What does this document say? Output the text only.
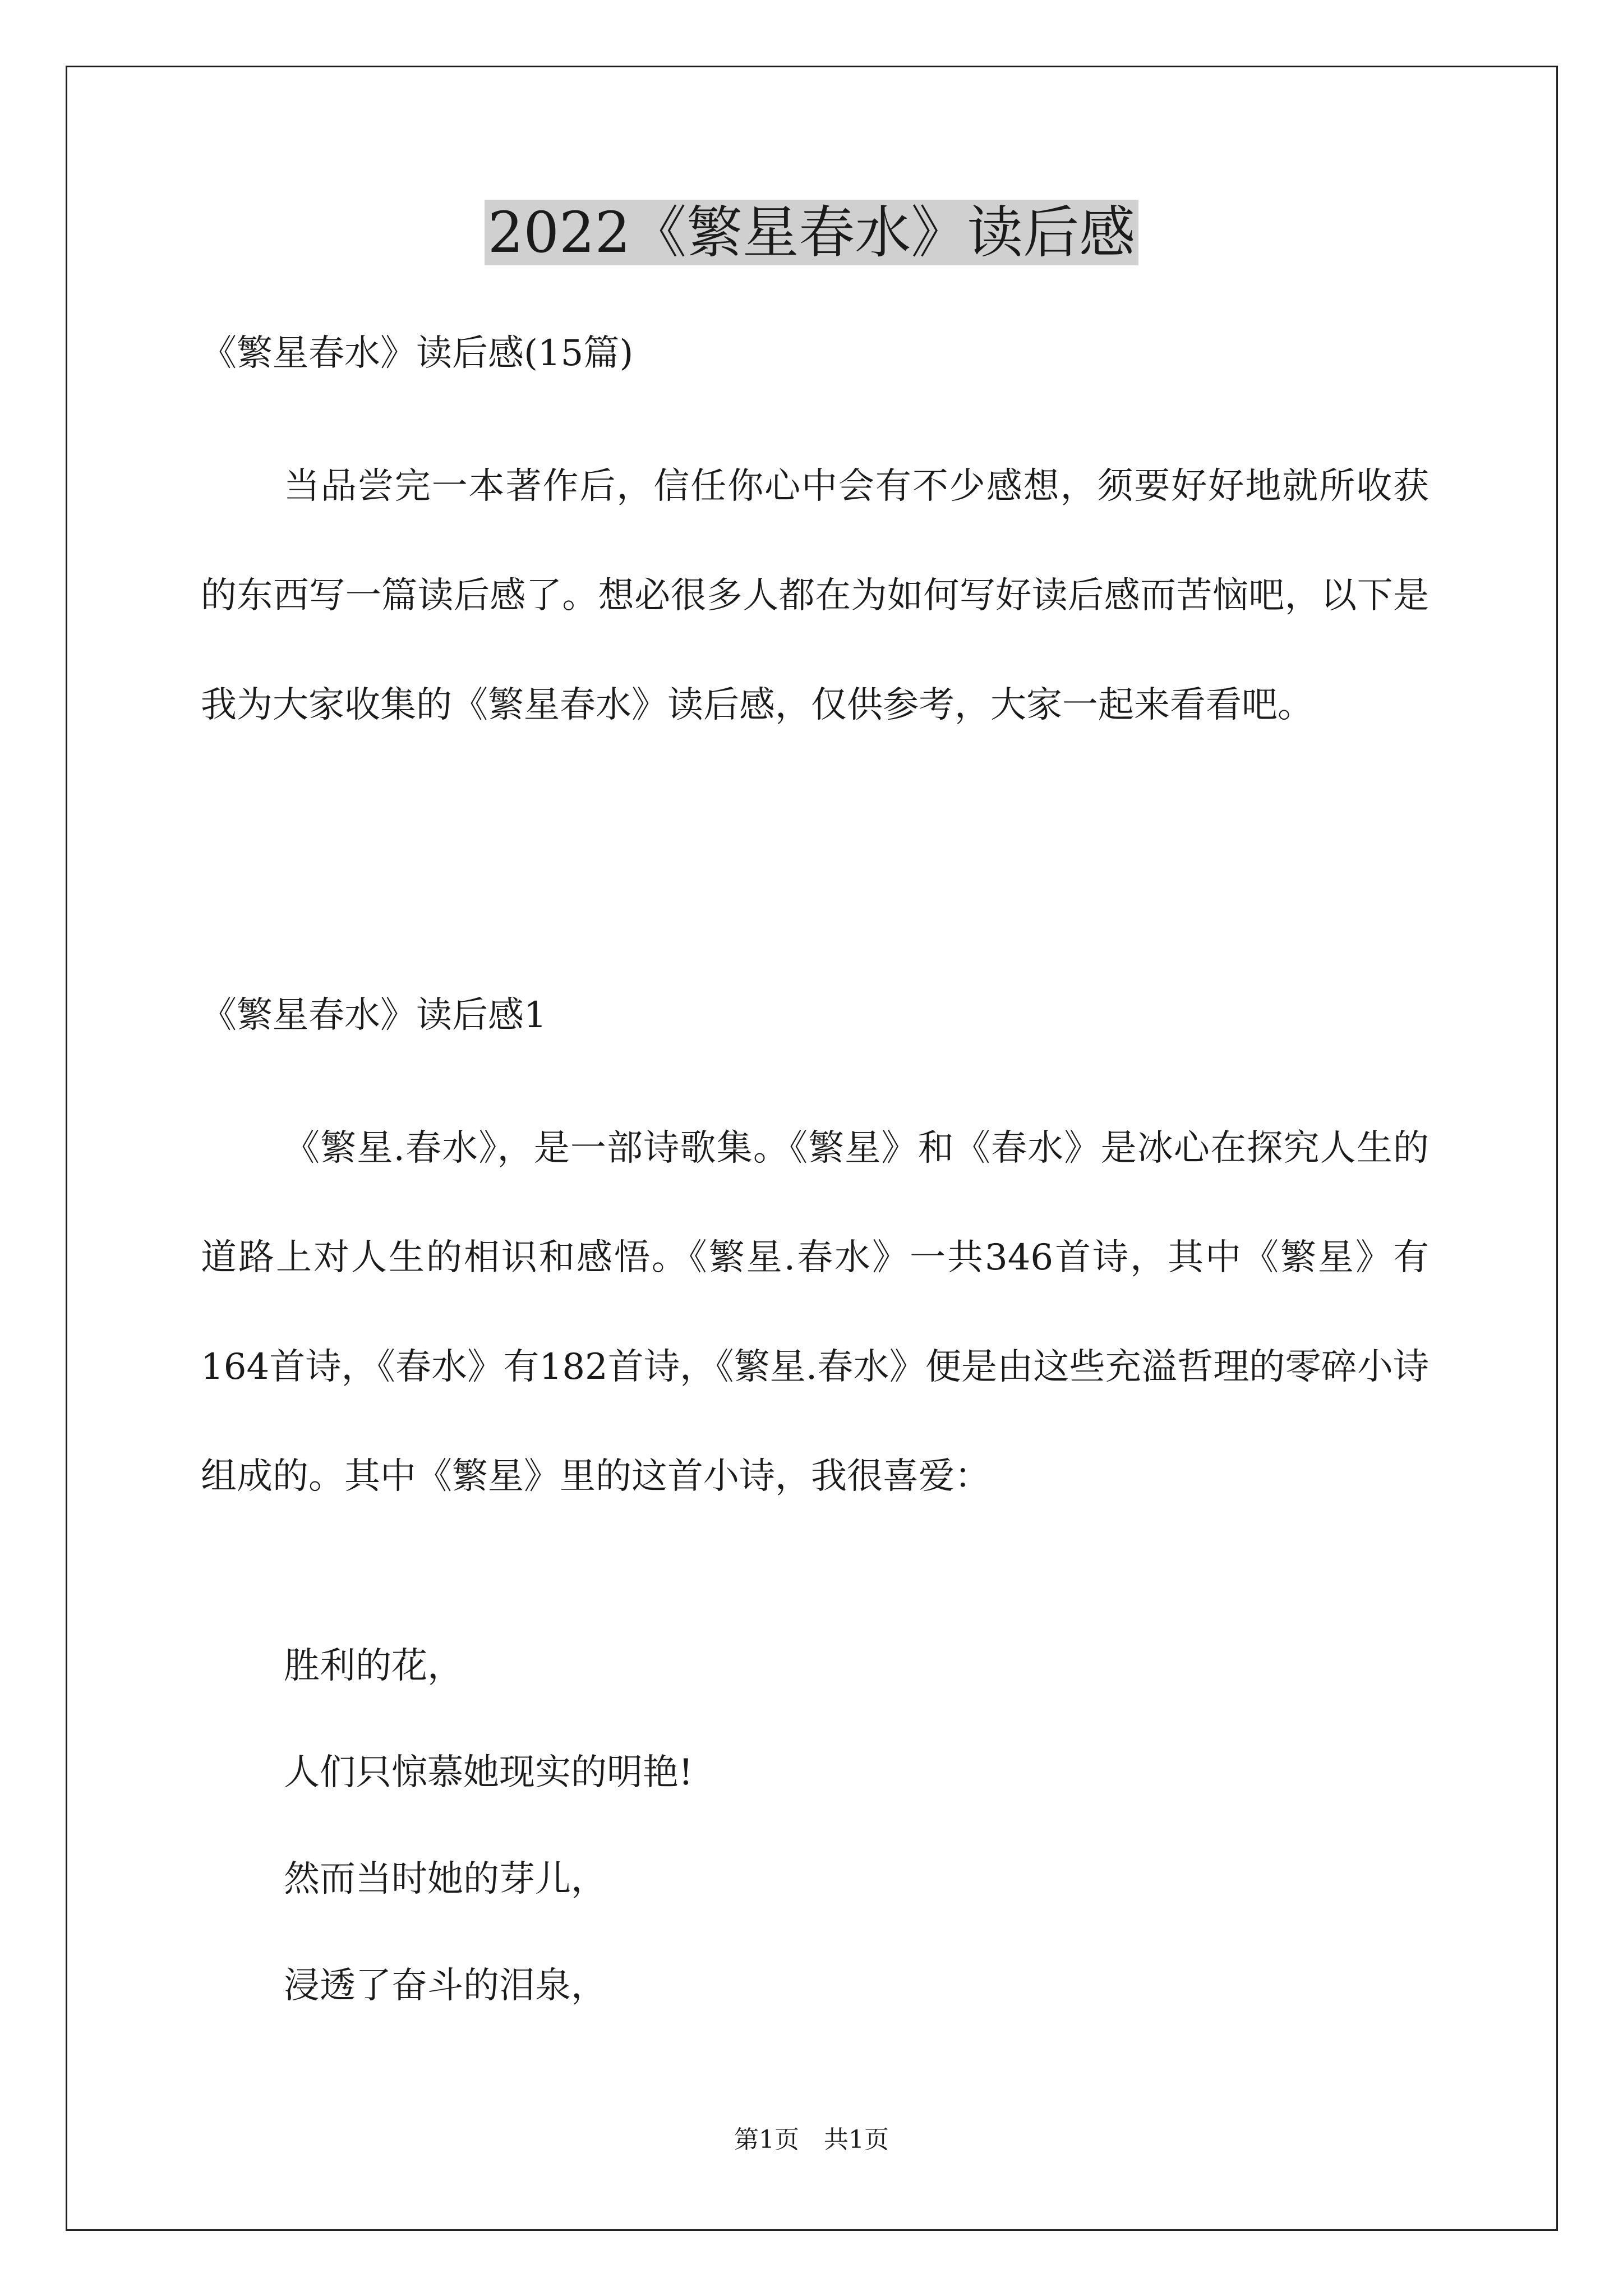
2022《繁星春水》读后感
《繁星春水》读后感(15篇)
当品尝完一本著作后，信任你心中会有不少感想，须要好好地就所收获的东西写一篇读后感了。想必很多人都在为如何写好读后感而苦恼吧，以下是我为大家收集的《繁星春水》读后感，仅供参考，大家一起来看看吧。
《繁星春水》读后感1
《繁星.春水》，是一部诗歌集。《繁星》和《春水》是冰心在探究人生的道路上对人生的相识和感悟。《繁星.春水》一共346首诗，其中《繁星》有164首诗，《春水》有182首诗，《繁星.春水》便是由这些充溢哲理的零碎小诗组成的。其中《繁星》里的这首小诗，我很喜爱：
胜利的花，
人们只惊慕她现实的明艳!
然而当时她的芽儿，
浸透了奋斗的泪泉，
第1页　共1页
